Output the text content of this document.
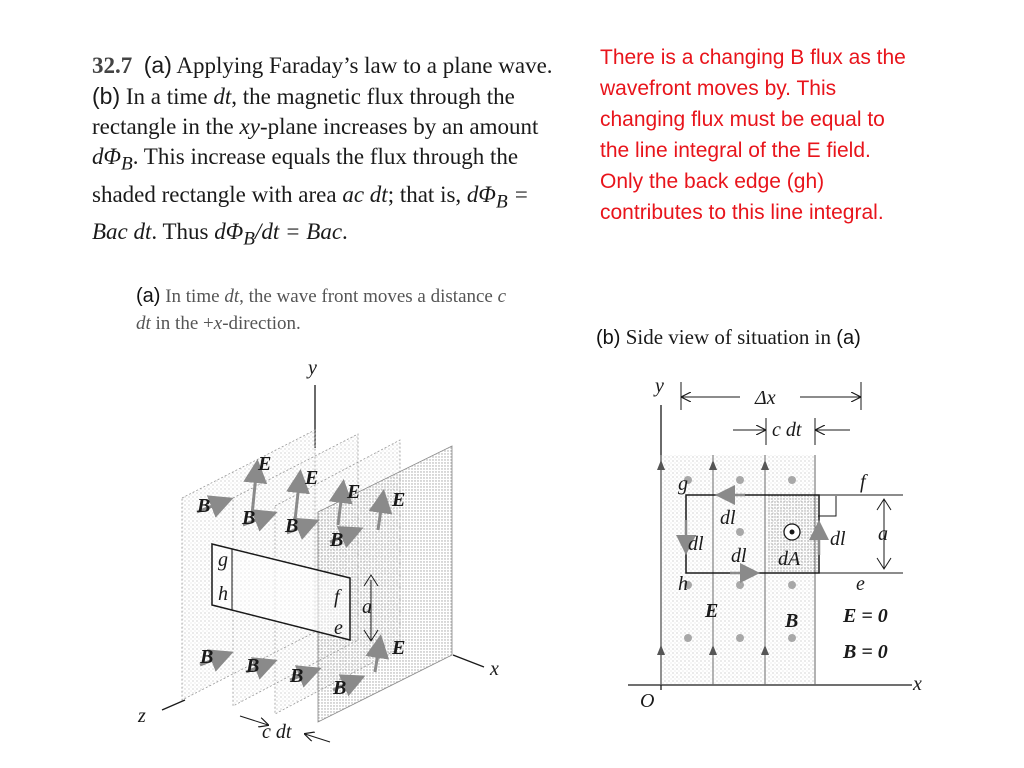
32.7 (a) Applying Faraday’s law to a plane wave. (b) In a time dt, the magnetic flux through the rectangle in the xy-plane increases by an amount $d\Phi_B$. This increase equals the flux through the shaded rectangle with area ac dt; that is, $d\Phi_B$ = Bac dt. Thus $d\Phi_B/dt$ = Bac.
There is a changing B flux as the wavefront moves by. This changing flux must be equal to the line integral of the E field. Only the back edge (gh) contributes to this line integral.
(a) In time dt, the wave front moves a distance c dt in the +x-direction.
(b) Side view of situation in (a)
y
x
z
E
E
E E
E
B
B B
B
B B B
B
g
h	f
e
a
c dt
y
x
O
Δx
c dt
g
h
f
e
a
dl
dl
dl
dl
dA
E	B E = 0
B = 0
